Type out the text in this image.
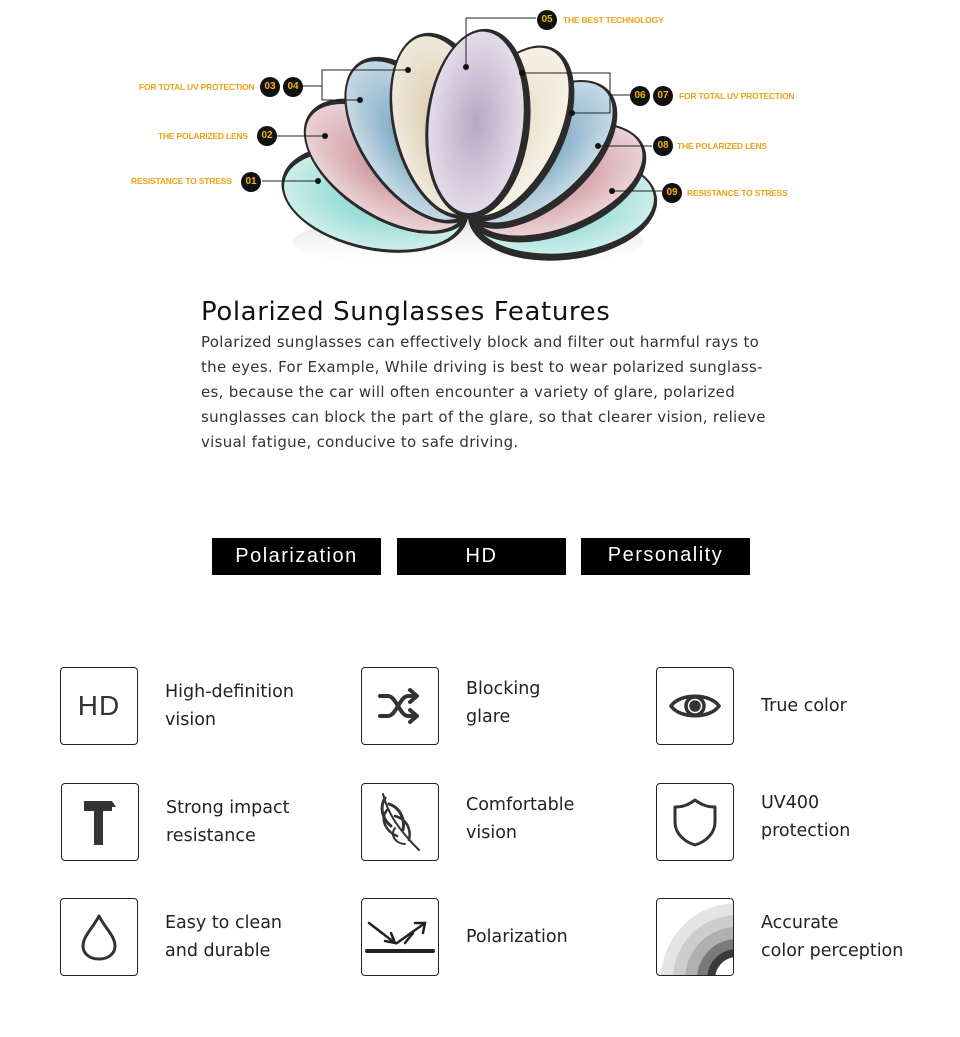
05	THE BEST TECHNOLOGY
FOR TOTAL UV PROTECTION	03	04
06	07	FOR TOTAL UV PROTECTION
THE POLARIZED LENS	02
08 THE POLARIZED LENS
RESISTANCE TO STRESS	01
09	RESISTANCE TO STRESS
Polarized Sunglasses Features

Polarized sunglasses can effectively block and filter out harmful rays to
the eyes. For Example, While driving is best to wear polarized sunglass-
es, because the car will often encounter a variety of glare, polarized
sunglasses can block the part of the glare, so that clearer vision, relieve
visual fatigue, conducive to safe driving.

Polarization	HD	Personality
HD	High-definition
vision
Blocking
glare
True color
Strong impact
resistance
Comfortable
vision
UV400
protection
Easy to clean
and durable
Polarization
Accurate
color perception
